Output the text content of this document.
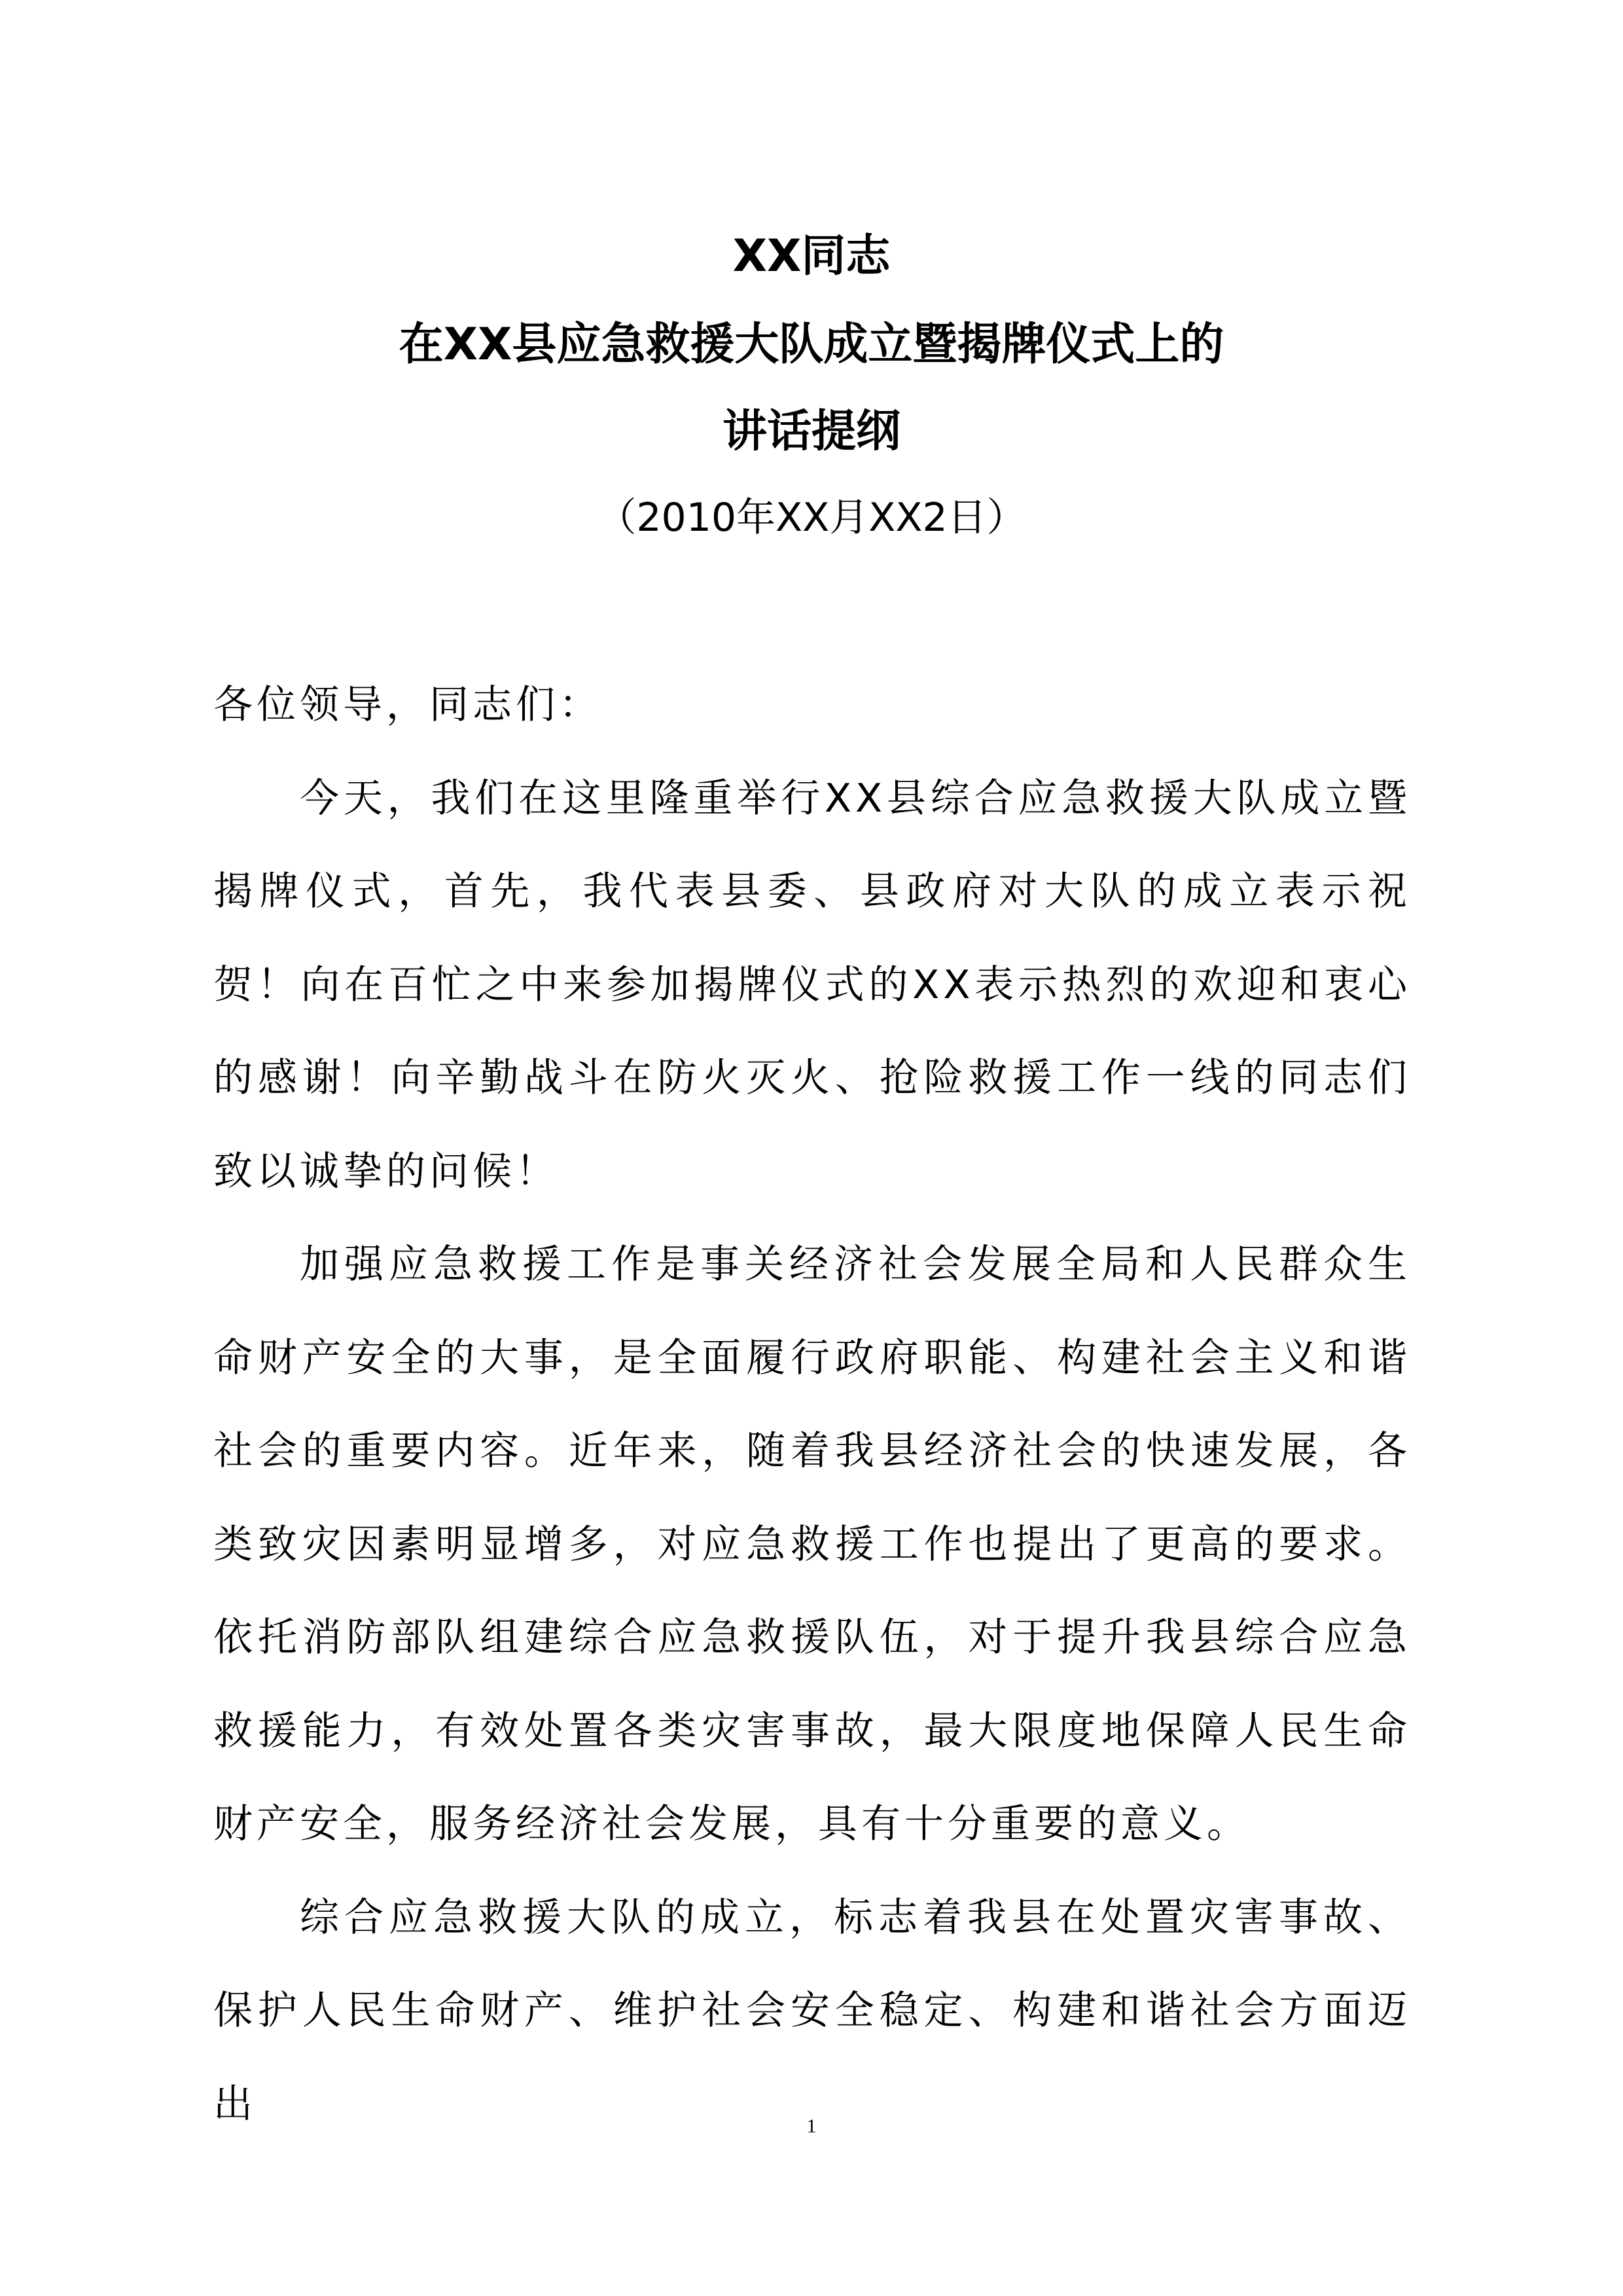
XX同志
在XX县应急救援大队成立暨揭牌仪式上的
讲话提纲
（2010年XX月XX2日）

各位领导，同志们：

今天，我们在这里隆重举行XX县综合应急救援大队成立暨揭牌仪式，首先，我代表县委、县政府对大队的成立表示祝贺！向在百忙之中来参加揭牌仪式的XX表示热烈的欢迎和衷心的感谢！向辛勤战斗在防火灭火、抢险救援工作一线的同志们致以诚挚的问候！

加强应急救援工作是事关经济社会发展全局和人民群众生命财产安全的大事，是全面履行政府职能、构建社会主义和谐社会的重要内容。近年来，随着我县经济社会的快速发展，各类致灾因素明显增多，对应急救援工作也提出了更高的要求。依托消防部队组建综合应急救援队伍，对于提升我县综合应急救援能力，有效处置各类灾害事故，最大限度地保障人民生命财产安全，服务经济社会发展，具有十分重要的意义。

综合应急救援大队的成立，标志着我县在处置灾害事故、保护人民生命财产、维护社会安全稳定、构建和谐社会方面迈出	1
